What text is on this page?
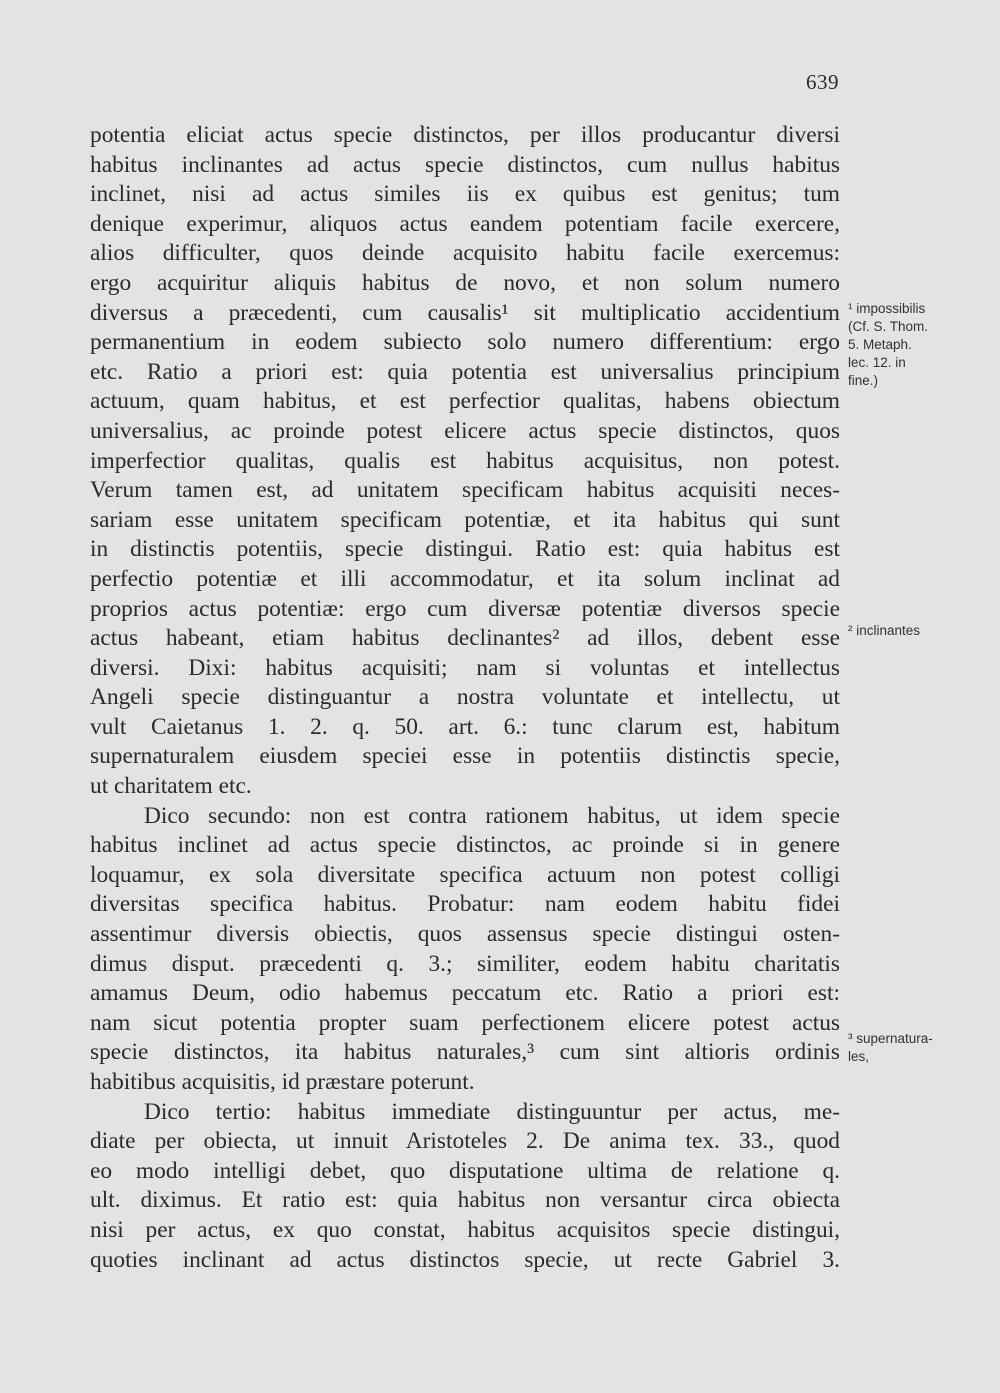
639
potentia eliciat actus specie distinctos, per illos producantur diversi
habitus inclinantes ad actus specie distinctos, cum nullus habitus
inclinet, nisi ad actus similes iis ex quibus est genitus; tum
denique experimur, aliquos actus eandem potentiam facile exercere,
alios difficulter, quos deinde acquisito habitu facile exercemus:
ergo acquiritur aliquis habitus de novo, et non solum numero
diversus a præcedenti, cum causalis¹ sit multiplicatio accidentium
permanentium in eodem subiecto solo numero differentium: ergo
etc. Ratio a priori est: quia potentia est universalius principium
actuum, quam habitus, et est perfectior qualitas, habens obiectum
universalius, ac proinde potest elicere actus specie distinctos, quos
imperfectior qualitas, qualis est habitus acquisitus, non potest.
Verum tamen est, ad unitatem specificam habitus acquisiti neces-
sariam esse unitatem specificam potentiæ, et ita habitus qui sunt
in distinctis potentiis, specie distingui. Ratio est: quia habitus est
perfectio potentiæ et illi accommodatur, et ita solum inclinat ad
proprios actus potentiæ: ergo cum diversæ potentiæ diversos specie
actus habeant, etiam habitus declinantes² ad illos, debent esse
diversi. Dixi: habitus acquisiti; nam si voluntas et intellectus
Angeli specie distinguantur a nostra voluntate et intellectu, ut
vult Caietanus 1. 2. q. 50. art. 6.: tunc clarum est, habitum
supernaturalem eiusdem speciei esse in potentiis distinctis specie,
ut charitatem etc.
Dico secundo: non est contra rationem habitus, ut idem specie
habitus inclinet ad actus specie distinctos, ac proinde si in genere
loquamur, ex sola diversitate specifica actuum non potest colligi
diversitas specifica habitus. Probatur: nam eodem habitu fidei
assentimur diversis obiectis, quos assensus specie distingui osten-
dimus disput. præcedenti q. 3.; similiter, eodem habitu charitatis
amamus Deum, odio habemus peccatum etc. Ratio a priori est:
nam sicut potentia propter suam perfectionem elicere potest actus
specie distinctos, ita habitus naturales,³ cum sint altioris ordinis
habitibus acquisitis, id præstare poterunt.
Dico tertio: habitus immediate distinguuntur per actus, me-
diate per obiecta, ut innuit Aristoteles 2. De anima tex. 33., quod
eo modo intelligi debet, quo disputatione ultima de relatione q.
ult. diximus. Et ratio est: quia habitus non versantur circa obiecta
nisi per actus, ex quo constat, habitus acquisitos specie distingui,
quoties inclinant ad actus distinctos specie, ut recte Gabriel 3.
¹ impossibilis
(Cf. S. Thom.
5. Metaph.
lec. 12. in
fine.)
² inclinantes
³ supernatura-
les,
